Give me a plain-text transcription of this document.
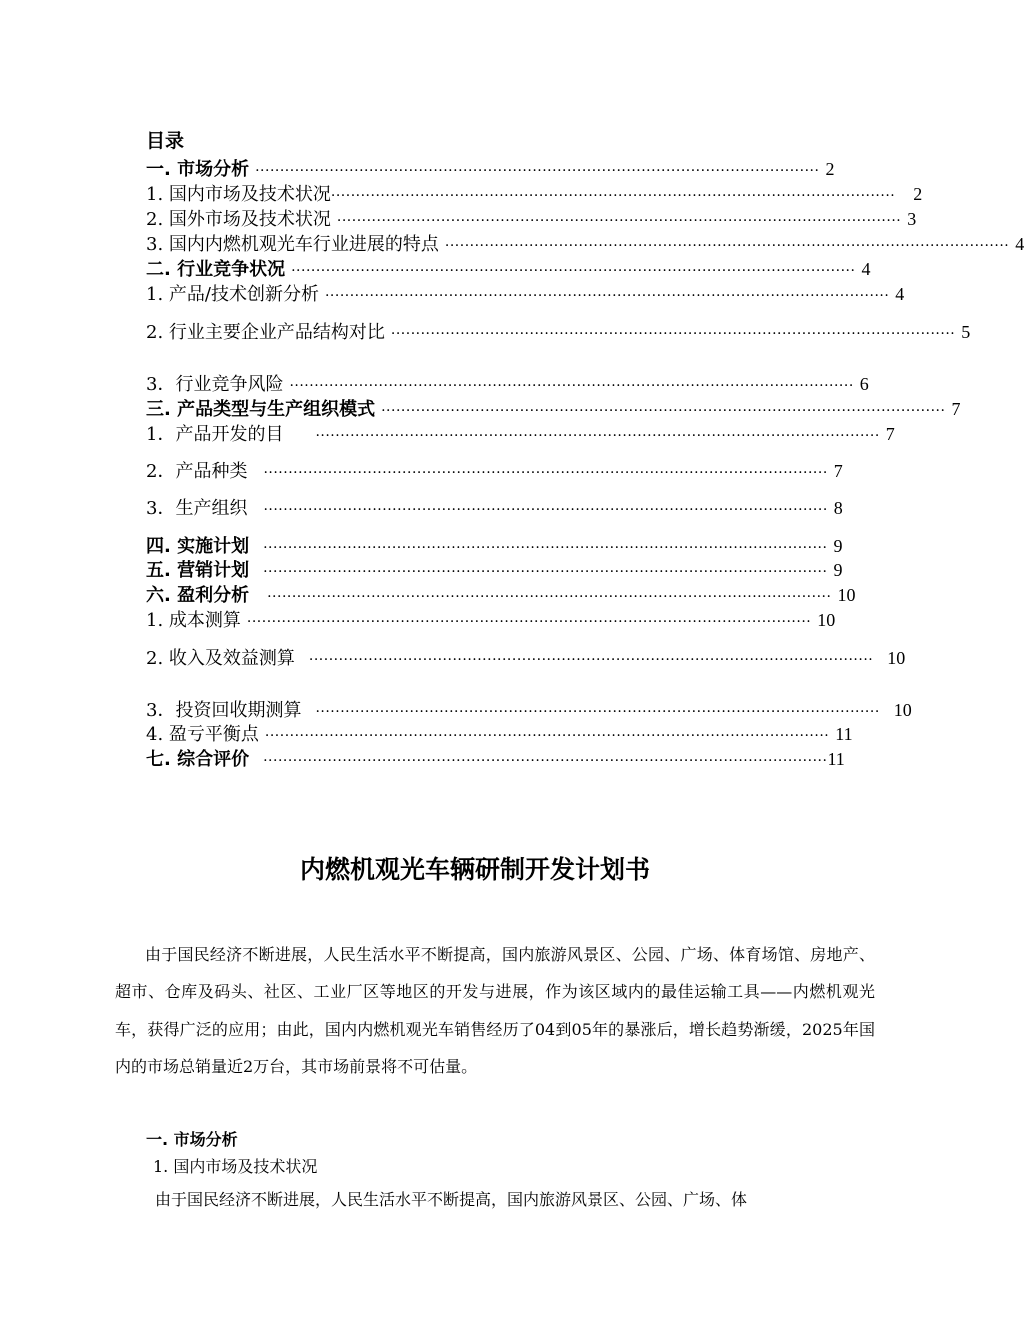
目录
一. 市场分析 ·················································································································· 2
1. 国内市场及技术状况 ·················································································································· 2
2. 国外市场及技术状况 ·················································································································· 3
3. 国内内燃机观光车行业进展的特点 ·················································································································· 4
二. 行业竞争状况 ·················································································································· 4
1. 产品/技术创新分析 ·················································································································· 4
2. 行业主要企业产品结构对比 ·················································································································· 5
3．行业竞争风险 ·················································································································· 6
三. 产品类型与生产组织模式 ·················································································································· 7
1．产品开发的目 ·················································································································· 7
2．产品种类 ·················································································································· 7
3．生产组织 ·················································································································· 8
四. 实施计划 ·················································································································· 9
五. 营销计划 ·················································································································· 9
六. 盈利分析 ·················································································································· 10
1. 成本测算 ·················································································································· 10
2. 收入及效益测算 ·················································································································· 10
3．投资回收期测算 ·················································································································· 10
4. 盈亏平衡点 ·················································································································· 11
七. 综合评价 ·················································································································· 11
内燃机观光车辆研制开发计划书
由于国民经济不断进展，人民生活水平不断提高，国内旅游风景区、公园、广场、体育场馆、房地产、超市、仓库及码头、社区、工业厂区等地区的开发与进展，作为该区域内的最佳运输工具——内燃机观光车，获得广泛的应用；由此，国内内燃机观光车销售经历了04到05年的暴涨后，增长趋势渐缓，2025年国内的市场总销量近2万台，其市场前景将不可估量。
一. 市场分析
1. 国内市场及技术状况
由于国民经济不断进展，人民生活水平不断提高，国内旅游风景区、公园、广场、体
